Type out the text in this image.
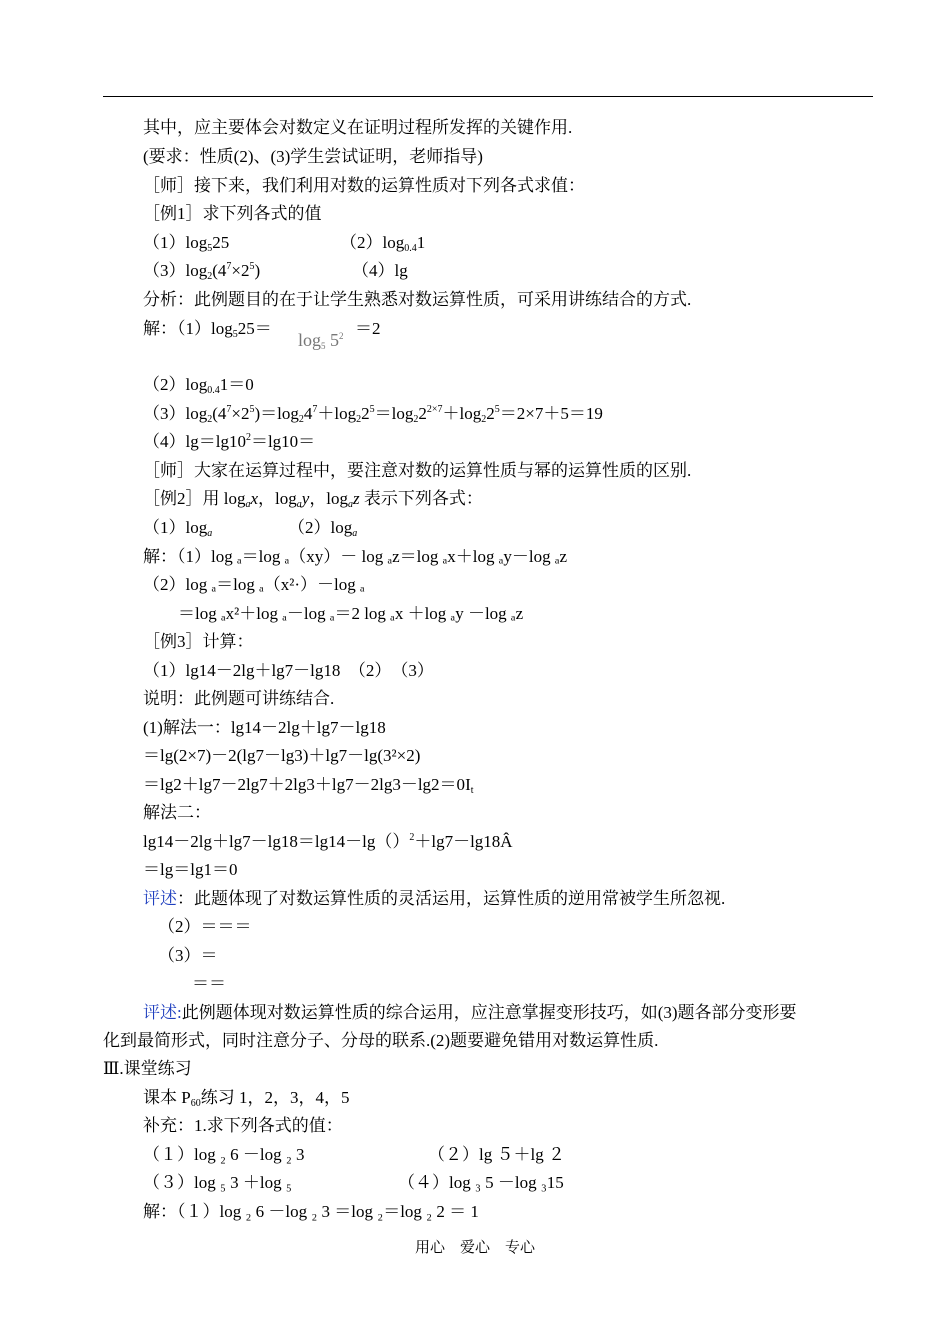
其中，应主要体会对数定义在证明过程所发挥的关键作用.
(要求：性质(2)、(3)学生尝试证明，老师指导)
［师］接下来，我们利用对数的运算性质对下列各式求值：
［例1］求下列各式的值
$(1)\log_525$	$(2)\log_{0.4}1$
$(3)\log_2(4^7\times 2^5)$	（4）lg
分析：此例题目的在于让学生熟悉对数运算性质，可采用讲练结合的方式.
解：$(1)\log_525=$
$\log_5 5^2 =2$
$(2)\log_{0.4}1=0$
$(3)\log_2(4^7\times 2^5)=\log_24^7+\log_22^5=\log_22^{2\times 7}+\log_22^5=2\times 7+5=19$
$(4)\lg=\lg 10^2=\lg 10=$
［师］大家在运算过程中，要注意对数的运算性质与幂的运算性质的区别.
［例2］用 $\log_ax$，$\log_ay$，$\log_az$ 表示下列各式：
$(1)\log_a$	$(2)\log_a$
解：（1）log ₐ＝log ₐ（xy）－ log ₐz＝log ₐx＋log ₐy－log ₐz
（2）log ₐ＝log ₐ（x²·）－log ₐ
＝log ₐx²＋log ₐ－log ₐ＝2 log ₐx ＋log ₐy －log ₐz
［例3］计算：
（1）lg14－2lg＋lg7－lg18　（2）　（3）
说明：此例题可讲练结合.
(1)解法一：lg14－2lg＋lg7－lg18
＝lg(2×7)－2(lg7－lg3)＋lg7－lg(3²×2)
$=\lg 2+\lg 7-2\lg 7+2\lg 3+\lg 7-2\lg 3-\lg 2=0I_t$
解法二：
lg14－2lg＋lg7－lg18＝lg14－lg（）$^2$＋lg7－lg18Â
＝lg＝lg1＝0
评述：此题体现了对数运算性质的灵活运用，运算性质的逆用常被学生所忽视.
（2）＝＝＝
（3）＝
＝＝
评述:此例题体现对数运算性质的综合运用，应注意掌握变形技巧，如(3)题各部分变形要
化到最简形式，同时注意分子、分母的联系.(2)题要避免错用对数运算性质.
Ⅲ.课堂练习
课本 $P_{60}$练习 1，2，3，4，5
补充：1.求下列各式的值：
（１）log ₂ 6 －log ₂ 3	（２）lg ５＋lg ２
（３）log ₅ 3 ＋log ₅	（４）log ₃ 5 －log ₃15
解：（１）log ₂ 6 －log ₂ 3 ＝log ₂＝log ₂ 2 ＝ 1
用心　爱心　专心
